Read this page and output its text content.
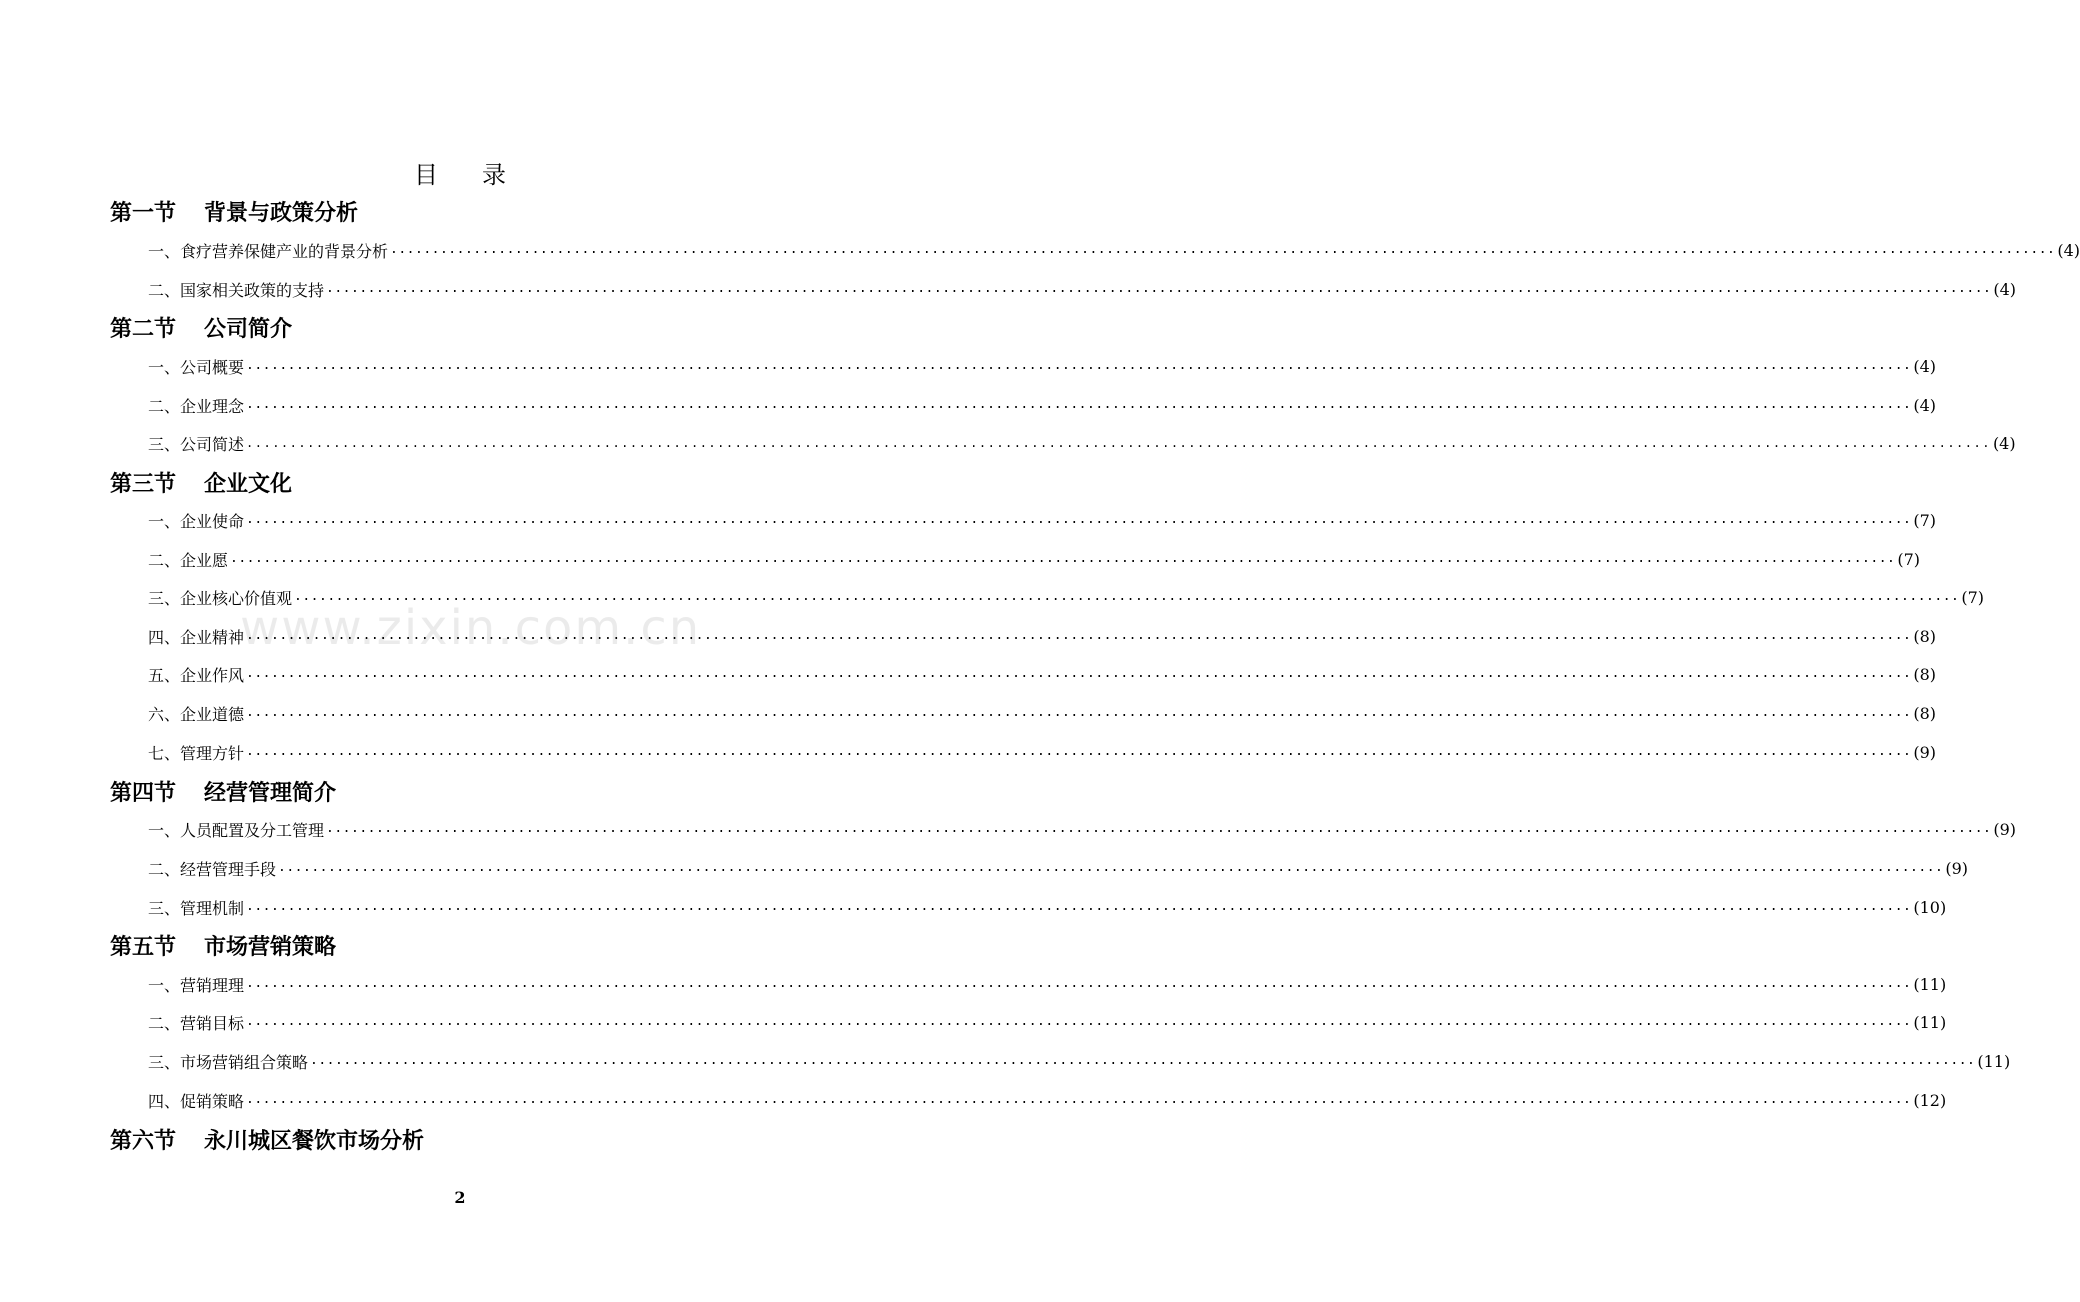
目录
www.zixin.com.cn
第一节 背景与政策分析
一、食疗营养保健产业的背景分析 ........................................................................................................................................................................................................ (4)
二、国家相关政策的支持 ........................................................................................................................................................................................................ (4)
第二节 公司简介
一、公司概要 ........................................................................................................................................................................................................ (4)
二、企业理念 ........................................................................................................................................................................................................ (4)
三、公司简述 ........................................................................................................................................................................................................ (4)
第三节 企业文化
一、企业使命 ........................................................................................................................................................................................................ (7)
二、企业愿 ........................................................................................................................................................................................................ (7)
三、企业核心价值观 ........................................................................................................................................................................................................ (7)
四、企业精神 ........................................................................................................................................................................................................ (8)
五、企业作风 ........................................................................................................................................................................................................ (8)
六、企业道德 ........................................................................................................................................................................................................ (8)
七、管理方针 ........................................................................................................................................................................................................ (9)
第四节 经营管理简介
一、人员配置及分工管理 ........................................................................................................................................................................................................ (9)
二、经营管理手段 ........................................................................................................................................................................................................ (9)
三、管理机制 ........................................................................................................................................................................................................ (10)
第五节 市场营销策略
一、营销理理 ........................................................................................................................................................................................................ (11)
二、营销目标 ........................................................................................................................................................................................................ (11)
三、市场营销组合策略 ........................................................................................................................................................................................................ (11)
四、促销策略 ........................................................................................................................................................................................................ (12)
第六节 永川城区餐饮市场分析
2
